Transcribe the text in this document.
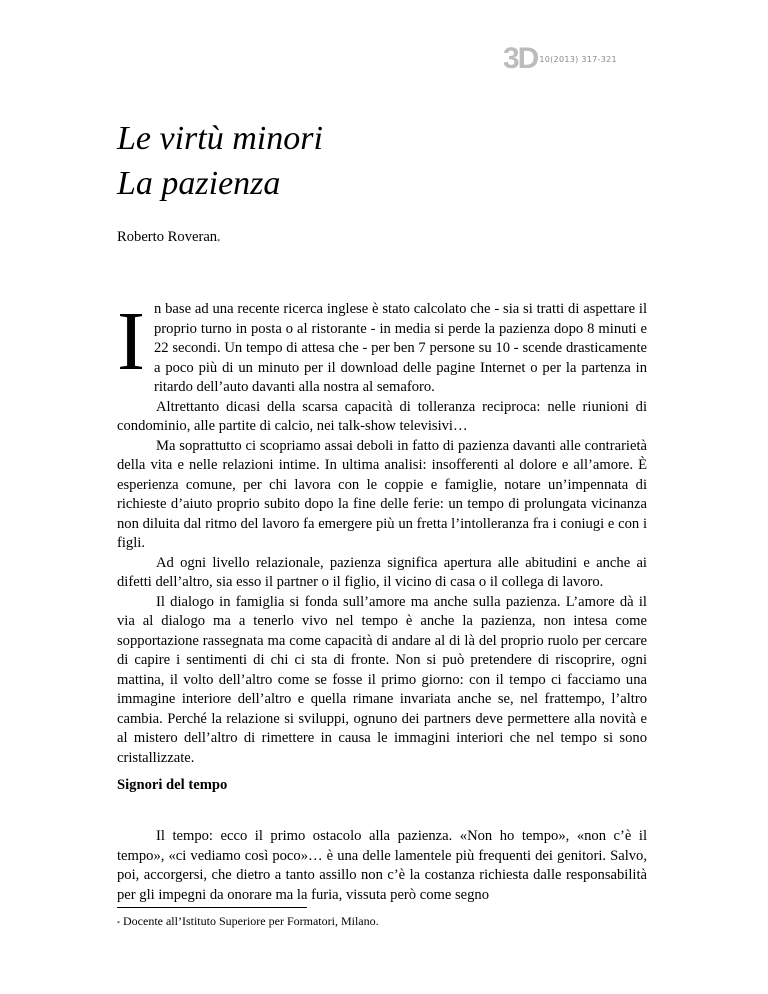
3D 10(2013) 317-321
Le virtù minori
La pazienza
Roberto Roveran*

In base ad una recente ricerca inglese è stato calcolato che - sia si tratti di aspettare il proprio turno in posta o al ristorante - in media si perde la pazienza dopo 8 minuti e 22 secondi. Un tempo di attesa che - per ben 7 persone su 10 - scende drasticamente a poco più di un minuto per il download delle pagine Internet o per la partenza in ritardo dell’auto davanti alla nostra al semaforo.

Altrettanto dicasi della scarsa capacità di tolleranza reciproca: nelle riunioni di condominio, alle partite di calcio, nei talk-show televisivi…

Ma soprattutto ci scopriamo assai deboli in fatto di pazienza davanti alle contrarietà della vita e nelle relazioni intime. In ultima analisi: insofferenti al dolore e all’amore. È esperienza comune, per chi lavora con le coppie e famiglie, notare un’impennata di richieste d’aiuto proprio subito dopo la fine delle ferie: un tempo di prolungata vicinanza non diluita dal ritmo del lavoro fa emergere più un fretta l’intolleranza fra i coniugi e con i figli.

Ad ogni livello relazionale, pazienza significa apertura alle abitudini e anche ai difetti dell’altro, sia esso il partner o il figlio, il vicino di casa o il collega di lavoro.

Il dialogo in famiglia si fonda sull’amore ma anche sulla pazienza. L’amore dà il via al dialogo ma a tenerlo vivo nel tempo è anche la pazienza, non intesa come sopportazione rassegnata ma come capacità di andare al di là del proprio ruolo per cercare di capire i sentimenti di chi ci sta di fronte. Non si può pretendere di riscoprire, ogni mattina, il volto dell’altro come se fosse il primo giorno: con il tempo ci facciamo una immagine interiore dell’altro e quella rimane invariata anche se, nel frattempo, l’altro cambia. Perché la relazione si sviluppi, ognuno dei partners deve permettere alla novità e al mistero dell’altro di rimettere in causa le immagini interiori che nel tempo si sono cristallizzate.

Signori del tempo

Il tempo: ecco il primo ostacolo alla pazienza. «Non ho tempo», «non c’è il tempo», «ci vediamo così poco»… è una delle lamentele più frequenti dei genitori. Salvo, poi, accorgersi, che dietro a tanto assillo non c’è la costanza richiesta dalle responsabilità per gli impegni da onorare ma la furia, vissuta però come segno

* Docente all’Istituto Superiore per Formatori, Milano.
